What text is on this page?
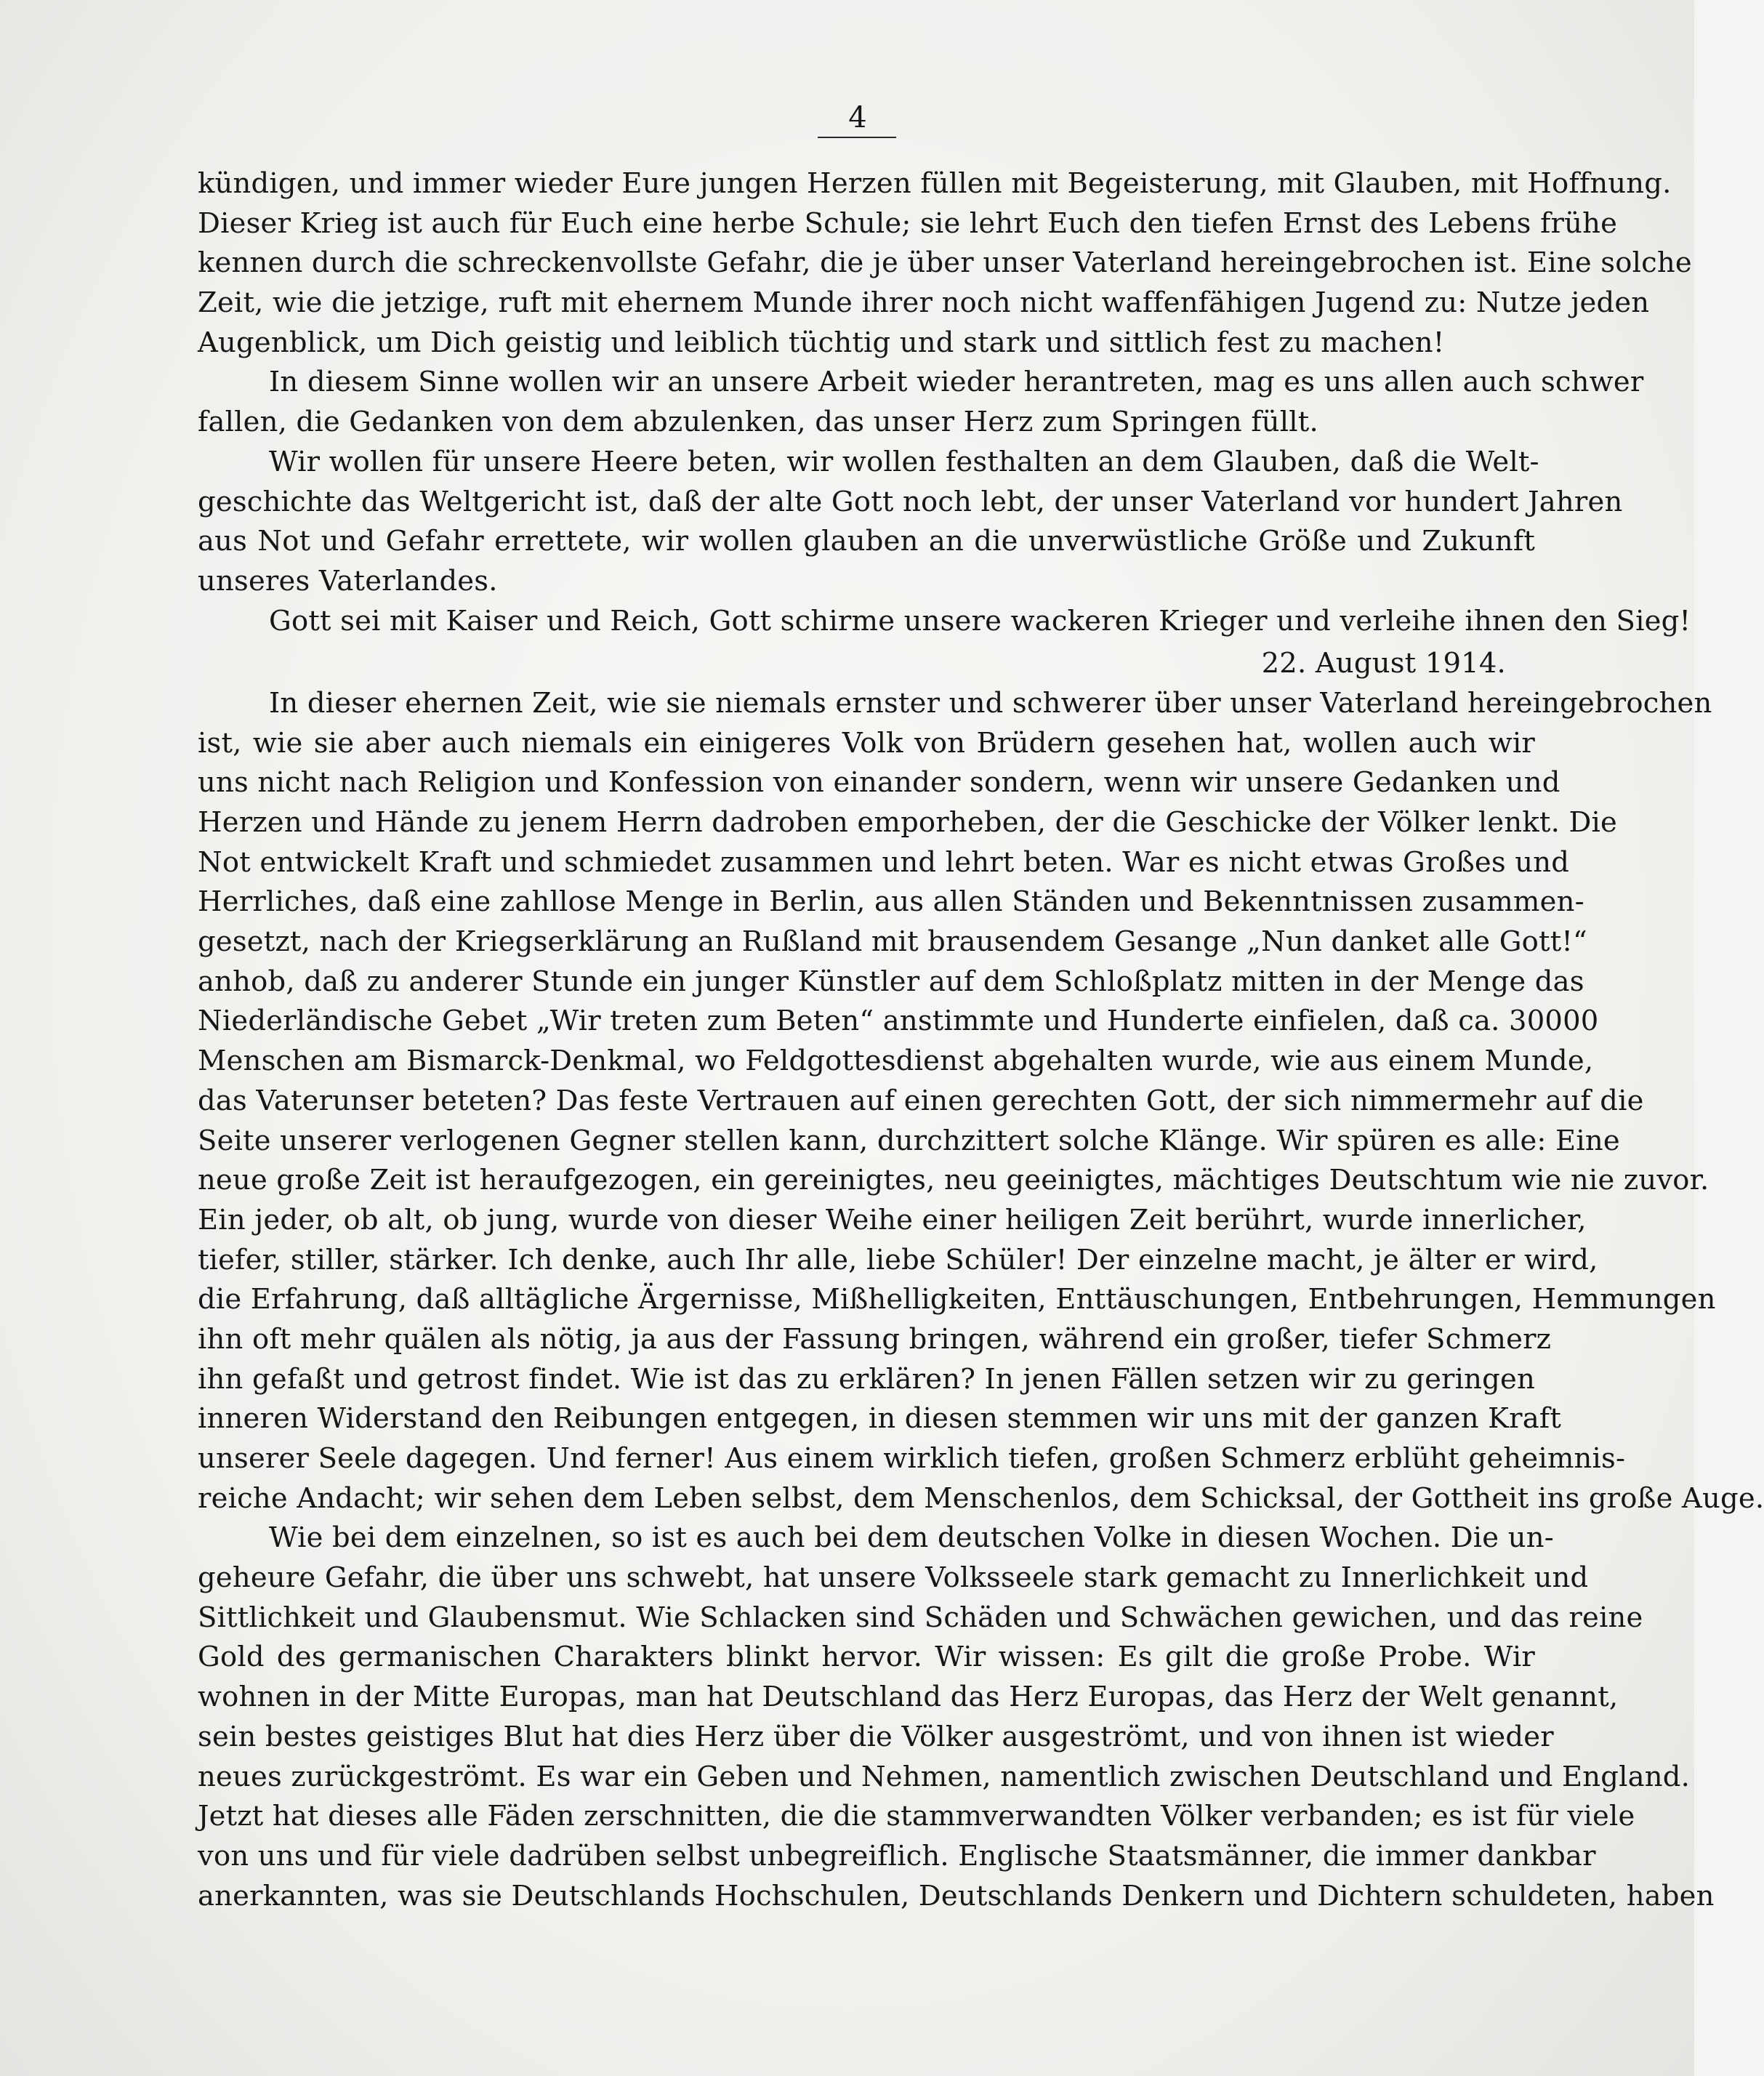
4
kündigen, und immer wieder Eure jungen Herzen füllen mit Begeisterung, mit Glauben, mit Hoffnung.
Dieser Krieg ist auch für Euch eine herbe Schule; sie lehrt Euch den tiefen Ernst des Lebens frühe
kennen durch die schreckenvollste Gefahr, die je über unser Vaterland hereingebrochen ist. Eine solche
Zeit, wie die jetzige, ruft mit ehernem Munde ihrer noch nicht waffenfähigen Jugend zu: Nutze jeden
Augenblick, um Dich geistig und leiblich tüchtig und stark und sittlich fest zu machen!
In diesem Sinne wollen wir an unsere Arbeit wieder herantreten, mag es uns allen auch schwer
fallen, die Gedanken von dem abzulenken, das unser Herz zum Springen füllt.
Wir wollen für unsere Heere beten, wir wollen festhalten an dem Glauben, daß die Welt-
geschichte das Weltgericht ist, daß der alte Gott noch lebt, der unser Vaterland vor hundert Jahren
aus Not und Gefahr errettete, wir wollen glauben an die unverwüstliche Größe und Zukunft
unseres Vaterlandes.
Gott sei mit Kaiser und Reich, Gott schirme unsere wackeren Krieger und verleihe ihnen den Sieg!
22. August 1914.
In dieser ehernen Zeit, wie sie niemals ernster und schwerer über unser Vaterland hereingebrochen
ist, wie sie aber auch niemals ein einigeres Volk von Brüdern gesehen hat, wollen auch wir
uns nicht nach Religion und Konfession von einander sondern, wenn wir unsere Gedanken und
Herzen und Hände zu jenem Herrn dadroben emporheben, der die Geschicke der Völker lenkt. Die
Not entwickelt Kraft und schmiedet zusammen und lehrt beten. War es nicht etwas Großes und
Herrliches, daß eine zahllose Menge in Berlin, aus allen Ständen und Bekenntnissen zusammen-
gesetzt, nach der Kriegserklärung an Rußland mit brausendem Gesange „Nun danket alle Gott!“
anhob, daß zu anderer Stunde ein junger Künstler auf dem Schloßplatz mitten in der Menge das
Niederländische Gebet „Wir treten zum Beten“ anstimmte und Hunderte einfielen, daß ca. 30000
Menschen am Bismarck-Denkmal, wo Feldgottesdienst abgehalten wurde, wie aus einem Munde,
das Vaterunser beteten? Das feste Vertrauen auf einen gerechten Gott, der sich nimmermehr auf die
Seite unserer verlogenen Gegner stellen kann, durchzittert solche Klänge. Wir spüren es alle: Eine
neue große Zeit ist heraufgezogen, ein gereinigtes, neu geeinigtes, mächtiges Deutschtum wie nie zuvor.
Ein jeder, ob alt, ob jung, wurde von dieser Weihe einer heiligen Zeit berührt, wurde innerlicher,
tiefer, stiller, stärker. Ich denke, auch Ihr alle, liebe Schüler! Der einzelne macht, je älter er wird,
die Erfahrung, daß alltägliche Ärgernisse, Mißhelligkeiten, Enttäuschungen, Entbehrungen, Hemmungen
ihn oft mehr quälen als nötig, ja aus der Fassung bringen, während ein großer, tiefer Schmerz
ihn gefaßt und getrost findet. Wie ist das zu erklären? In jenen Fällen setzen wir zu geringen
inneren Widerstand den Reibungen entgegen, in diesen stemmen wir uns mit der ganzen Kraft
unserer Seele dagegen. Und ferner! Aus einem wirklich tiefen, großen Schmerz erblüht geheimnis-
reiche Andacht; wir sehen dem Leben selbst, dem Menschenlos, dem Schicksal, der Gottheit ins große Auge.
Wie bei dem einzelnen, so ist es auch bei dem deutschen Volke in diesen Wochen. Die un-
geheure Gefahr, die über uns schwebt, hat unsere Volksseele stark gemacht zu Innerlichkeit und
Sittlichkeit und Glaubensmut. Wie Schlacken sind Schäden und Schwächen gewichen, und das reine
Gold des germanischen Charakters blinkt hervor. Wir wissen: Es gilt die große Probe. Wir
wohnen in der Mitte Europas, man hat Deutschland das Herz Europas, das Herz der Welt genannt,
sein bestes geistiges Blut hat dies Herz über die Völker ausgeströmt, und von ihnen ist wieder
neues zurückgeströmt. Es war ein Geben und Nehmen, namentlich zwischen Deutschland und England.
Jetzt hat dieses alle Fäden zerschnitten, die die stammverwandten Völker verbanden; es ist für viele
von uns und für viele dadrüben selbst unbegreiflich. Englische Staatsmänner, die immer dankbar
anerkannten, was sie Deutschlands Hochschulen, Deutschlands Denkern und Dichtern schuldeten, haben
